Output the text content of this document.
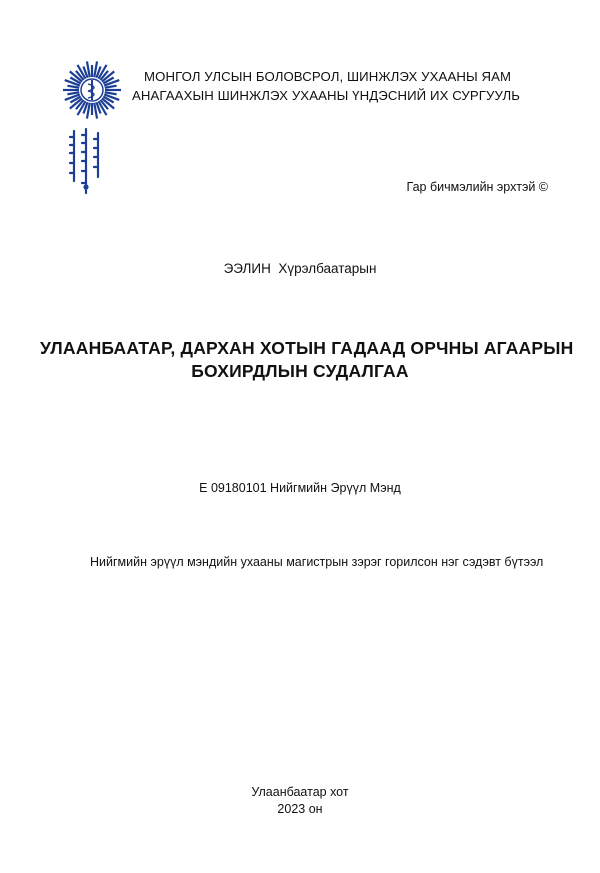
МОНГОЛ УЛСЫН БОЛОВСРОЛ, ШИНЖЛЭХ УХААНЫ ЯАМ
АНАГААХЫН ШИНЖЛЭХ УХААНЫ ҮНДЭСНИЙ ИХ СУРГУУЛЬ
Гар бичмэлийн эрхтэй ©
ЭЭЛИН  Хүрэлбаатарын
УЛААНБААТАР, ДАРХАН ХОТЫН ГАДААД ОРЧНЫ АГААРЫН
БОХИРДЛЫН СУДАЛГАА
E 09180101 Нийгмийн Эрүүл Мэнд
Нийгмийн эрүүл мэндийн ухааны магистрын зэрэг горилсон нэг сэдэвт бүтээл
Улаанбаатар хот
2023 он
